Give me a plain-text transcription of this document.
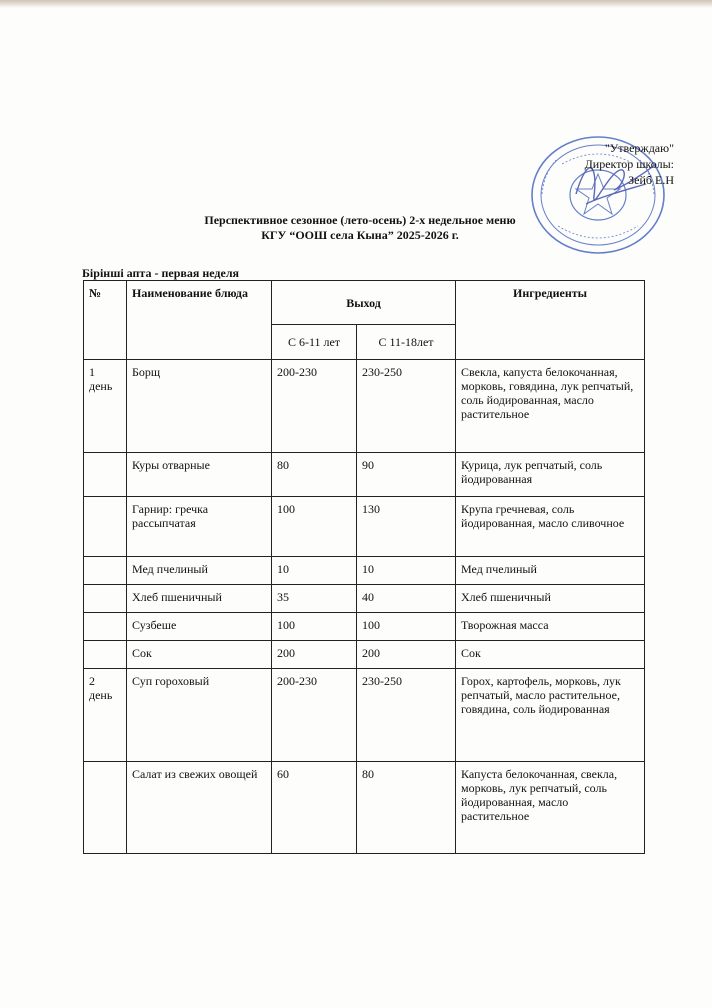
"Утверждаю"
Директор школы:
Зейб Е.Н
Перспективное сезонное (лето-осень) 2-х недельное меню
КГУ “ООШ села Кына” 2025-2026 г.
Бірінші апта - первая неделя
№	Наименование блюда	Выход		Ингредиенты
		С 6-11 лет	С 11-18лет	
1 день	Борщ	200-230	230-250	Свекла, капуста белокочанная, морковь, говядина, лук репчатый, соль йодированная, масло растительное
	Куры отварные	80	90	Курица, лук репчатый, соль йодированная
	Гарнир: гречка рассыпчатая	100	130	Крупа гречневая, соль йодированная, масло сливочное
	Мед пчелиный	10	10	Мед пчелиный
	Хлеб пшеничный	35	40	Хлеб пшеничный
	Сузбеше	100	100	Творожная масса
	Сок	200	200	Сок
2 день	Суп гороховый	200-230	230-250	Горох, картофель, морковь, лук репчатый, масло растительное, говядина, соль йодированная
	Салат из свежих овощей	60	80	Капуста белокочанная, свекла, морковь, лук репчатый, соль йодированная, масло растительное
